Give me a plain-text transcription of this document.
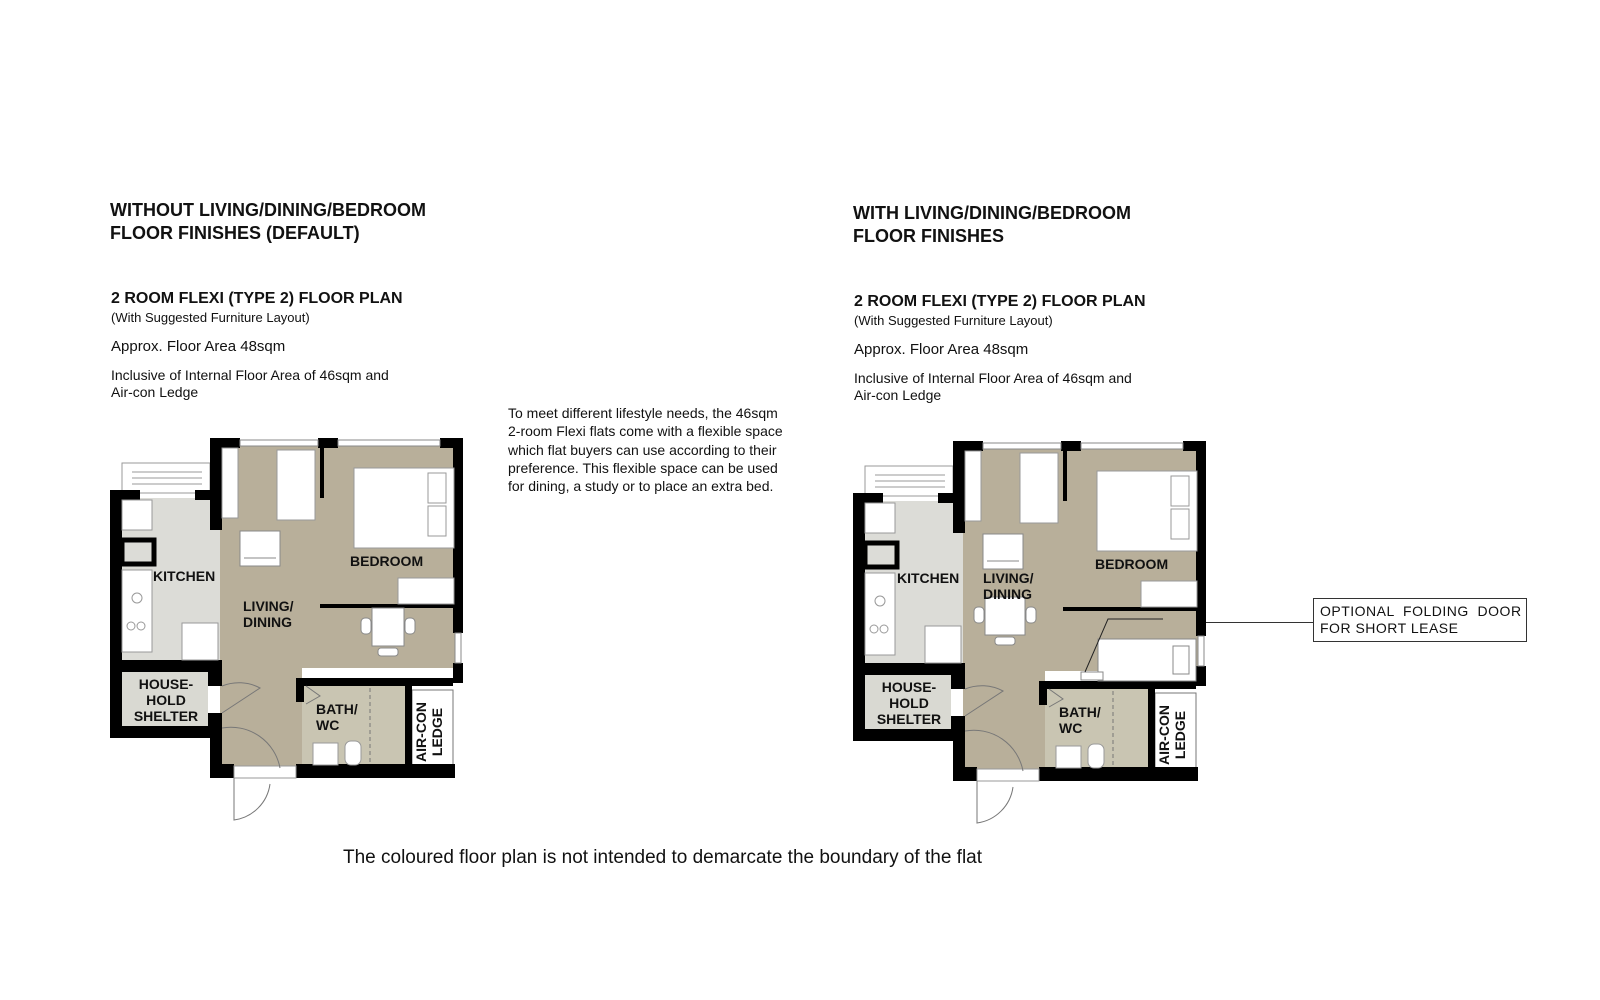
WITHOUT LIVING/DINING/BEDROOM
FLOOR FINISHES (DEFAULT)
2 ROOM FLEXI (TYPE 2) FLOOR PLAN
(With Suggested Furniture Layout)
Approx. Floor Area 48sqm
Inclusive of Internal Floor Area of 46sqm and
Air-con Ledge
To meet different lifestyle needs, the 46sqm
2-room Flexi flats come with a flexible space
which flat buyers can use according to their
preference. This flexible space can be used
for dining, a study or to place an extra bed.
WITH LIVING/DINING/BEDROOM
FLOOR FINISHES
2 ROOM FLEXI (TYPE 2) FLOOR PLAN
(With Suggested Furniture Layout)
Approx. Floor Area 48sqm
Inclusive of Internal Floor Area of 46sqm and
Air-con Ledge
KITCHEN
LIVING/
DINING
BEDROOM
HOUSE-
HOLD
SHELTER	BATH/
WC	AIR-CON LEDGE
KITCHEN LIVING/
DINING
BEDROOM
HOUSE-
HOLD
SHELTER	BATH/
WC	AIR-CON LEDGE
OPTIONAL  FOLDING  DOOR
FOR SHORT LEASE
The coloured floor plan is not intended to demarcate the boundary of the flat
